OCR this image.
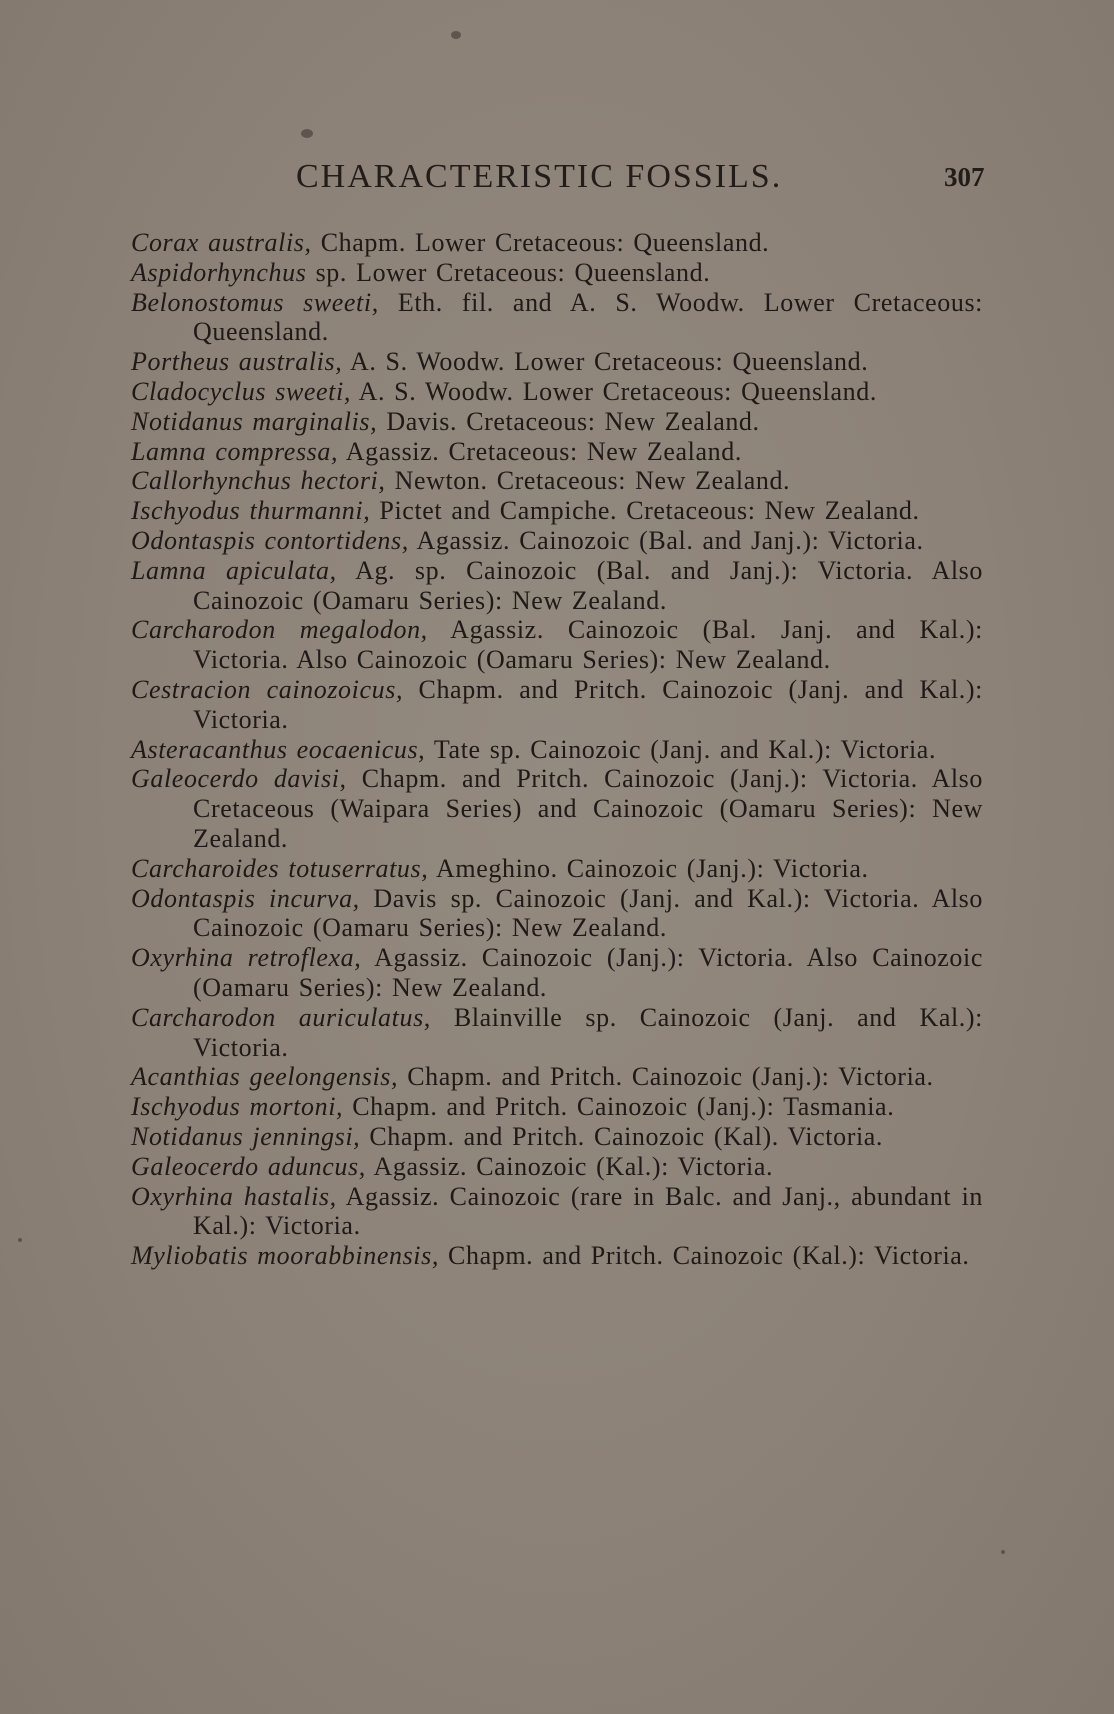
CHARACTERISTIC FOSSILS.	307
Corax australis, Chapm. Lower Cretaceous: Queensland.
Aspidorhynchus sp. Lower Cretaceous: Queensland.
Belonostomus sweeti, Eth. fil. and A. S. Woodw. Lower Cretaceous: Queensland.
Portheus australis, A. S. Woodw. Lower Cretaceous: Queensland.
Cladocyclus sweeti, A. S. Woodw. Lower Cretaceous: Queensland.
Notidanus marginalis, Davis. Cretaceous: New Zealand.
Lamna compressa, Agassiz. Cretaceous: New Zealand.
Callorhynchus hectori, Newton. Cretaceous: New Zealand.
Ischyodus thurmanni, Pictet and Campiche. Cretaceous: New Zealand.
Odontaspis contortidens, Agassiz. Cainozoic (Bal. and Janj.): Victoria.
Lamna apiculata, Ag. sp. Cainozoic (Bal. and Janj.): Victoria. Also Cainozoic (Oamaru Series): New Zealand.
Carcharodon megalodon, Agassiz. Cainozoic (Bal. Janj. and Kal.): Victoria. Also Cainozoic (Oamaru Series): New Zealand.
Cestracion cainozoicus, Chapm. and Pritch. Cainozoic (Janj. and Kal.): Victoria.
Asteracanthus eocaenicus, Tate sp. Cainozoic (Janj. and Kal.): Victoria.
Galeocerdo davisi, Chapm. and Pritch. Cainozoic (Janj.): Victoria. Also Cretaceous (Waipara Series) and Cainozoic (Oamaru Series): New Zealand.
Carcharoides totuserratus, Ameghino. Cainozoic (Janj.): Victoria.
Odontaspis incurva, Davis sp. Cainozoic (Janj. and Kal.): Victoria. Also Cainozoic (Oamaru Series): New Zealand.
Oxyrhina retroflexa, Agassiz. Cainozoic (Janj.): Victoria. Also Cainozoic (Oamaru Series): New Zealand.
Carcharodon auriculatus, Blainville sp. Cainozoic (Janj. and Kal.): Victoria.
Acanthias geelongensis, Chapm. and Pritch. Cainozoic (Janj.): Victoria.
Ischyodus mortoni, Chapm. and Pritch. Cainozoic (Janj.): Tasmania.
Notidanus jenningsi, Chapm. and Pritch. Cainozoic (Kal). Victoria.
Galeocerdo aduncus, Agassiz. Cainozoic (Kal.): Victoria.
Oxyrhina hastalis, Agassiz. Cainozoic (rare in Balc. and Janj., abundant in Kal.): Victoria.
Myliobatis moorabbinensis, Chapm. and Pritch. Cainozoic (Kal.): Victoria.
